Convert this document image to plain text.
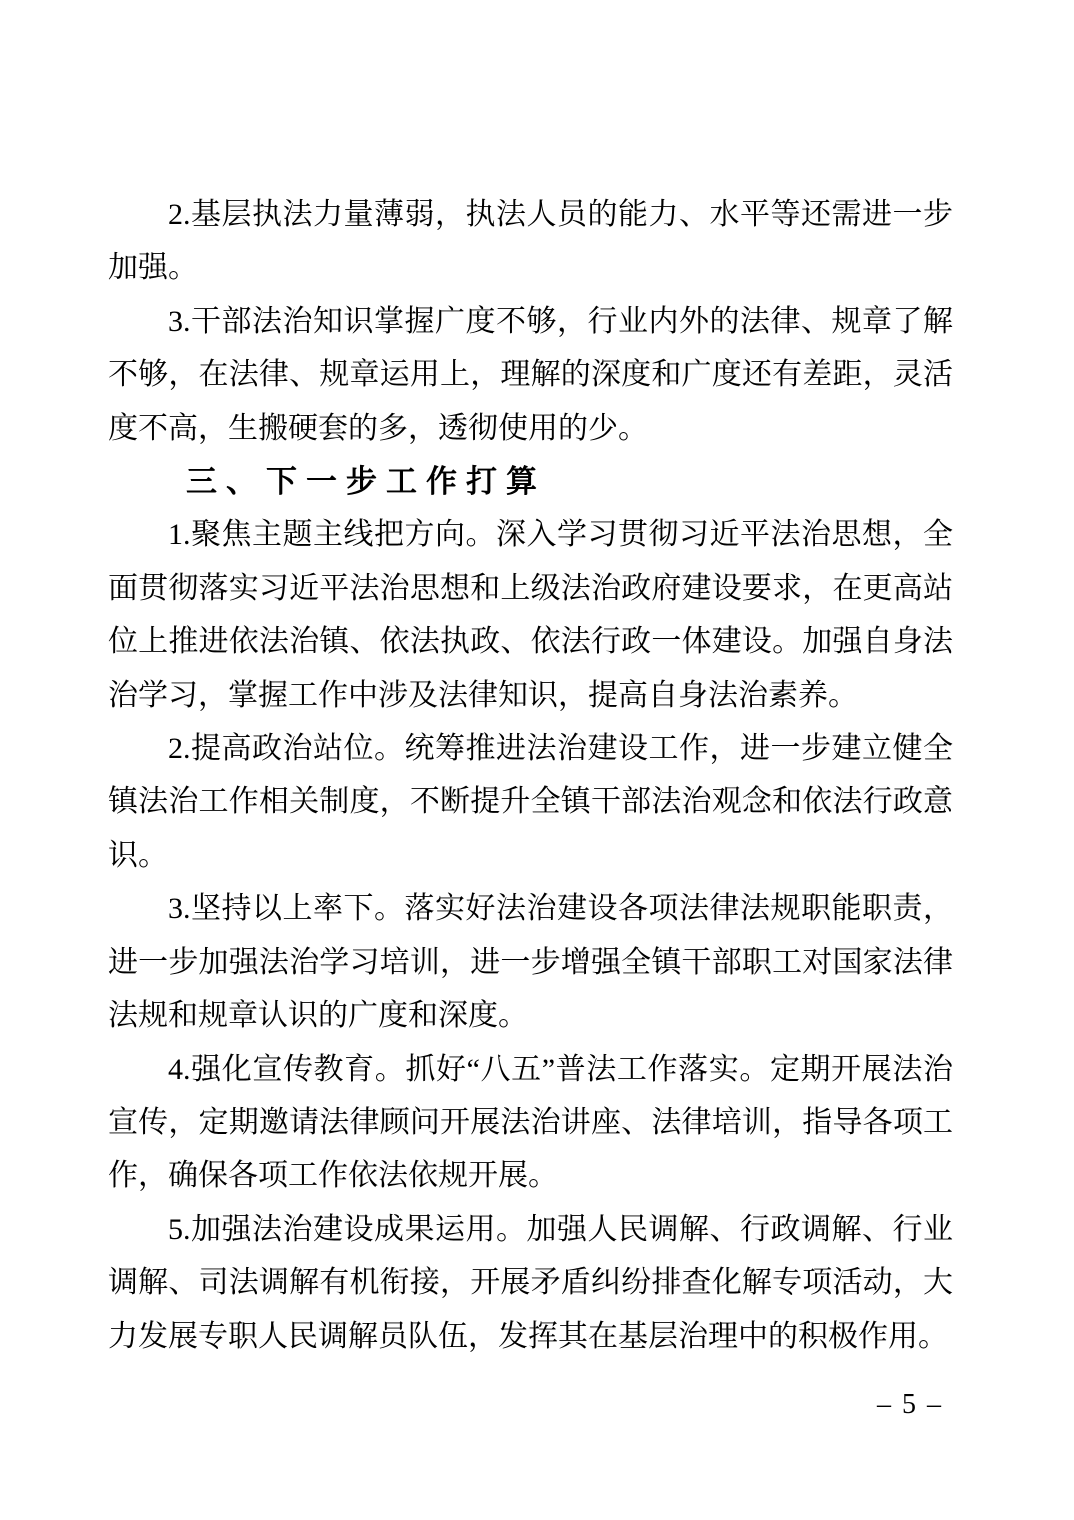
2.基层执法力量薄弱，执法人员的能力、水平等还需进一步加强。

3.干部法治知识掌握广度不够，行业内外的法律、规章了解不够，在法律、规章运用上，理解的深度和广度还有差距，灵活度不高，生搬硬套的多，透彻使用的少。

三、下一步工作打算

1.聚焦主题主线把方向。深入学习贯彻习近平法治思想，全面贯彻落实习近平法治思想和上级法治政府建设要求，在更高站位上推进依法治镇、依法执政、依法行政一体建设。加强自身法治学习，掌握工作中涉及法律知识，提高自身法治素养。

2.提高政治站位。统筹推进法治建设工作，进一步建立健全镇法治工作相关制度，不断提升全镇干部法治观念和依法行政意识。

3.坚持以上率下。落实好法治建设各项法律法规职能职责，进一步加强法治学习培训，进一步增强全镇干部职工对国家法律法规和规章认识的广度和深度。

4.强化宣传教育。抓好“八五”普法工作落实。定期开展法治宣传，定期邀请法律顾问开展法治讲座、法律培训，指导各项工作，确保各项工作依法依规开展。

5.加强法治建设成果运用。加强人民调解、行政调解、行业调解、司法调解有机衔接，开展矛盾纠纷排查化解专项活动，大力发展专职人民调解员队伍，发挥其在基层治理中的积极作用。

– 5 –
